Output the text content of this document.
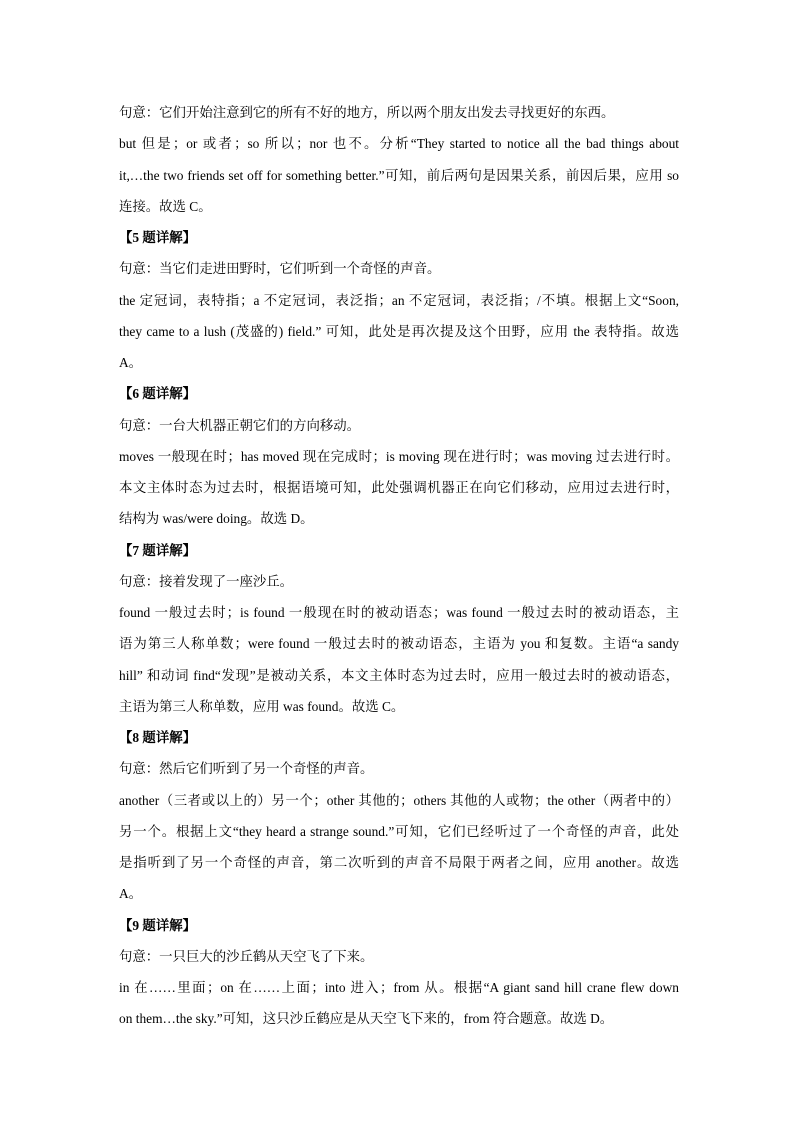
句意：它们开始注意到它的所有不好的地方，所以两个朋友出发去寻找更好的东西。
but 但是；or 或者；so 所以；nor 也不。分析“They started to notice all the bad things about
it,…the two friends set off for something better.”可知，前后两句是因果关系，前因后果，应用 so
连接。故选 C。
【5 题详解】
句意：当它们走进田野时，它们听到一个奇怪的声音。
the 定冠词，表特指；a 不定冠词，表泛指；an 不定冠词，表泛指；/不填。根据上文“Soon,
they came to a lush (茂盛的) field.” 可知，此处是再次提及这个田野，应用 the 表特指。故选
A。
【6 题详解】
句意：一台大机器正朝它们的方向移动。
moves 一般现在时；has moved 现在完成时；is moving 现在进行时；was moving 过去进行时。
本文主体时态为过去时，根据语境可知，此处强调机器正在向它们移动，应用过去进行时，
结构为 was/were doing。故选 D。
【7 题详解】
句意：接着发现了一座沙丘。
found 一般过去时；is found 一般现在时的被动语态；was found 一般过去时的被动语态，主
语为第三人称单数；were found 一般过去时的被动语态，主语为 you 和复数。主语“a sandy
hill” 和动词 find“发现”是被动关系，本文主体时态为过去时，应用一般过去时的被动语态，
主语为第三人称单数，应用 was found。故选 C。
【8 题详解】
句意：然后它们听到了另一个奇怪的声音。
another（三者或以上的）另一个；other 其他的；others 其他的人或物；the other（两者中的）
另一个。根据上文“they heard a strange sound.”可知，它们已经听过了一个奇怪的声音，此处
是指听到了另一个奇怪的声音，第二次听到的声音不局限于两者之间，应用 another。故选
A。
【9 题详解】
句意：一只巨大的沙丘鹤从天空飞了下来。
in 在……里面；on 在……上面；into 进入；from 从。根据“A giant sand hill crane flew down
on them…the sky.”可知，这只沙丘鹤应是从天空飞下来的，from 符合题意。故选 D。
